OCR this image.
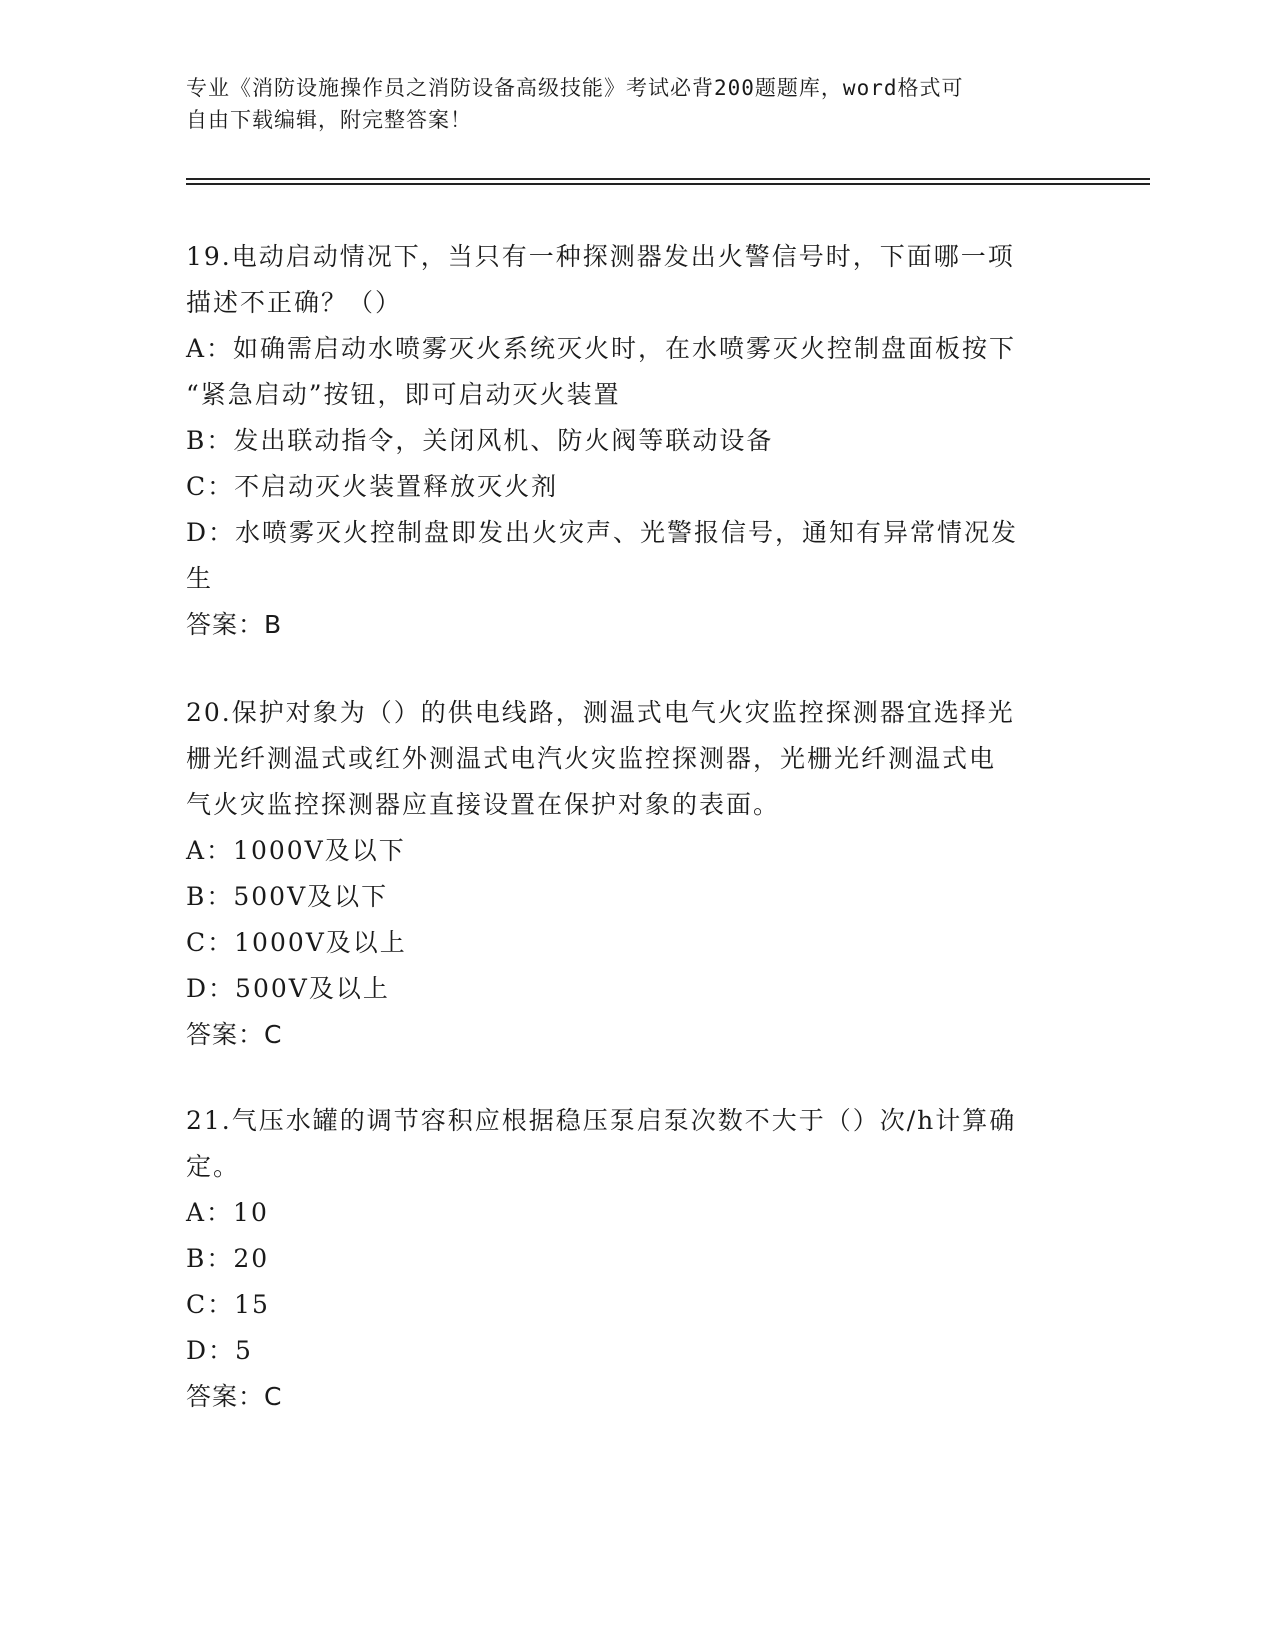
专业《消防设施操作员之消防设备高级技能》考试必背200题题库，word格式可
自由下载编辑，附完整答案！
19.电动启动情况下，当只有一种探测器发出火警信号时，下面哪一项
描述不正确？（）
A：如确需启动水喷雾灭火系统灭火时，在水喷雾灭火控制盘面板按下
“紧急启动”按钮，即可启动灭火装置
B：发出联动指令，关闭风机、防火阀等联动设备
C：不启动灭火装置释放灭火剂
D：水喷雾灭火控制盘即发出火灾声、光警报信号，通知有异常情况发
生
答案：B
20.保护对象为（）的供电线路，测温式电气火灾监控探测器宜选择光
栅光纤测温式或红外测温式电汽火灾监控探测器，光栅光纤测温式电
气火灾监控探测器应直接设置在保护对象的表面。
A：1000V及以下
B：500V及以下
C：1000V及以上
D：500V及以上
答案：C
21.气压水罐的调节容积应根据稳压泵启泵次数不大于（）次/h计算确
定。
A：10
B：20
C：15
D：5
答案：C
